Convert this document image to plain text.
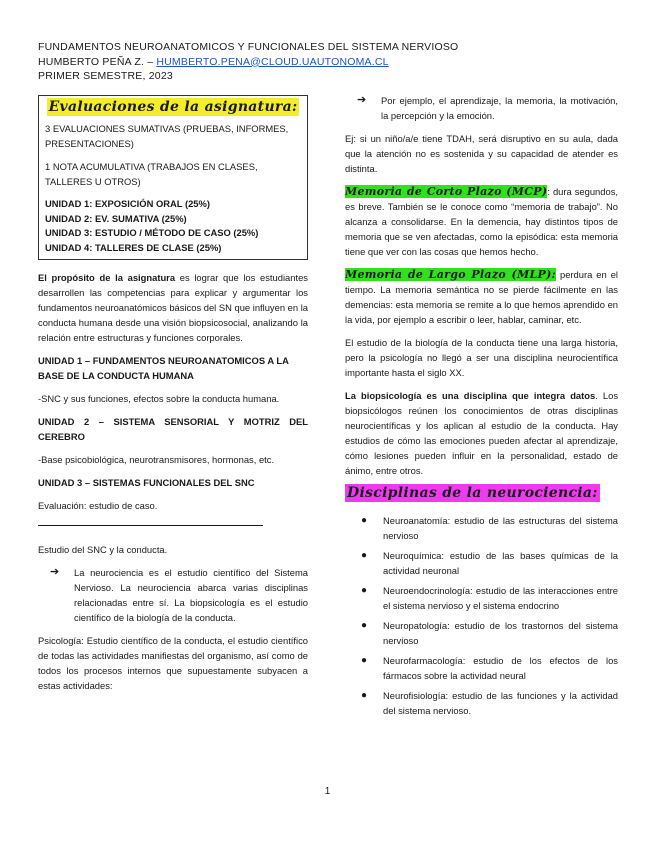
FUNDAMENTOS NEUROANATOMICOS Y FUNCIONALES DEL SISTEMA NERVIOSO
HUMBERTO PEÑA Z. – HUMBERTO.PENA@CLOUD.UAUTONOMA.CL
PRIMER SEMESTRE, 2023
Evaluaciones de la asignatura:

3 EVALUACIONES SUMATIVAS (PRUEBAS, INFORMES, PRESENTACIONES)

1 NOTA ACUMULATIVA (TRABAJOS EN CLASES, TALLERES U OTROS)

UNIDAD 1: EXPOSICIÓN ORAL (25%)
UNIDAD 2: EV. SUMATIVA (25%)
UNIDAD 3: ESTUDIO / MÉTODO DE CASO (25%)
UNIDAD 4: TALLERES DE CLASE (25%)

El propósito de la asignatura es lograr que los estudiantes desarrollen las competencias para explicar y argumentar los fundamentos neuroanatómicos básicos del SN que influyen en la conducta humana desde una visión biopsicosocial, analizando la relación entre estructuras y funciones corporales.

UNIDAD 1 – FUNDAMENTOS NEUROANATOMICOS A LA BASE DE LA CONDUCTA HUMANA

-SNC y sus funciones, efectos sobre la conducta humana.

UNIDAD 2 – SISTEMA SENSORIAL Y MOTRIZ DEL CEREBRO

-Base psicobiológica, neurotransmisores, hormonas, etc.

UNIDAD 3 – SISTEMAS FUNCIONALES DEL SNC

Evaluación: estudio de caso.

Estudio del SNC y la conducta.

➔	La neurociencia es el estudio científico del Sistema Nervioso. La neurociencia abarca varias disciplinas relacionadas entre sí. La biopsicología es el estudio científico de la biología de la conducta.

Psicología: Estudio científico de la conducta, el estudio científico de todas las actividades manifiestas del organismo, así como de todos los procesos internos que supuestamente subyacen a estas actividades:

➔	Por ejemplo, el aprendizaje, la memoria, la motivación, la percepción y la emoción.

Ej: si un niño/a/e tiene TDAH, será disruptivo en su aula, dada que la atención no es sostenida y su capacidad de atender es distinta.

Memoria de Corto Plazo (MCP): dura segundos, es breve. También se le conoce como “memoria de trabajo”. No alcanza a consolidarse. En la demencia, hay distintos tipos de memoria que se ven afectadas, como la episódica: esta memoria tiene que ver con las cosas que hemos hecho.

Memoria de Largo Plazo (MLP): perdura en el tiempo. La memoria semántica no se pierde fácilmente en las demencias: esta memoria se remite a lo que hemos aprendido en la vida, por ejemplo a escribir o leer, hablar, caminar, etc.

El estudio de la biología de la conducta tiene una larga historia, pero la psicología no llegó a ser una disciplina neurocientífica importante hasta el siglo XX.

La biopsicología es una disciplina que integra datos. Los biopsicólogos reúnen los conocimientos de otras disciplinas neurocientíficas y los aplican al estudio de la conducta. Hay estudios de cómo las emociones pueden afectar al aprendizaje, cómo lesiones pueden influir en la personalidad, estado de ánimo, entre otros.

Disciplinas de la neurociencia:
●	Neuroanatomía: estudio de las estructuras del sistema nervioso
●	Neuroquímica: estudio de las bases químicas de la actividad neuronal
●	Neuroendocrinología: estudio de las interacciones entre el sistema nervioso y el sistema endocrino
●	Neuropatología: estudio de los trastornos del sistema nervioso
●	Neurofarmacología: estudio de los efectos de los fármacos sobre la actividad neural
●	Neurofisiología: estudio de las funciones y la actividad del sistema nervioso.
1
